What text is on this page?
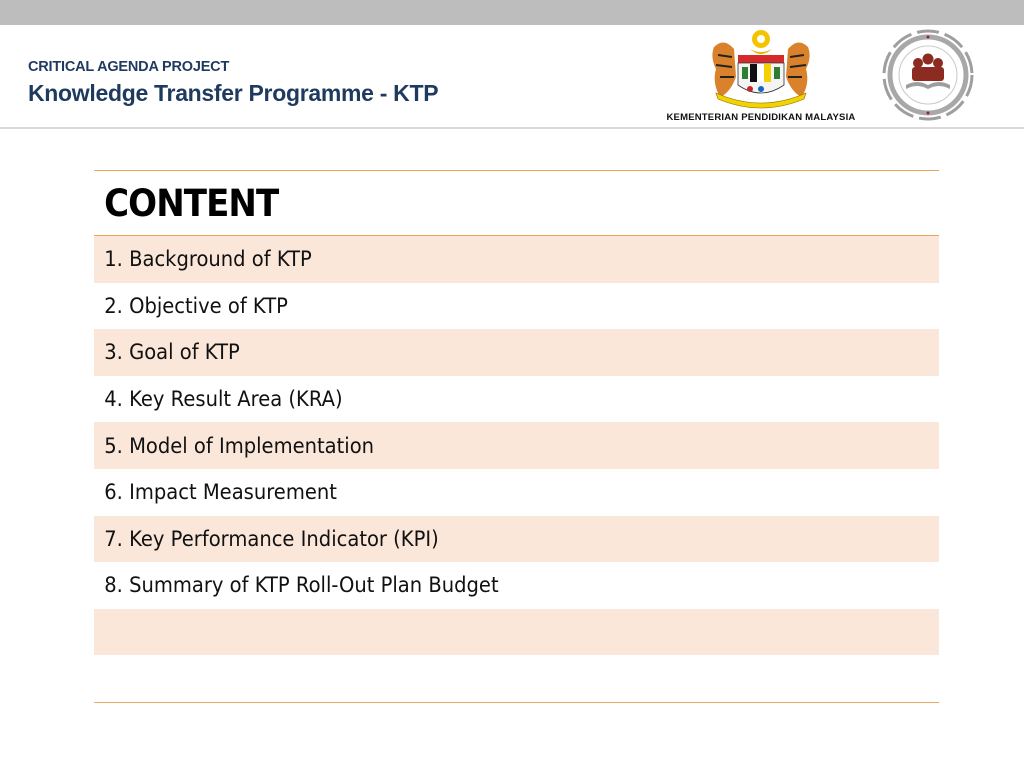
CRITICAL AGENDA PROJECT
Knowledge Transfer Programme - KTP
KEMENTERIAN PENDIDIKAN MALAYSIA
CONTENT
1. Background of KTP
2. Objective of KTP
3. Goal of KTP
4. Key Result Area (KRA)
5. Model of Implementation
6. Impact Measurement
7. Key Performance Indicator (KPI)
8. Summary of KTP Roll-Out Plan Budget
